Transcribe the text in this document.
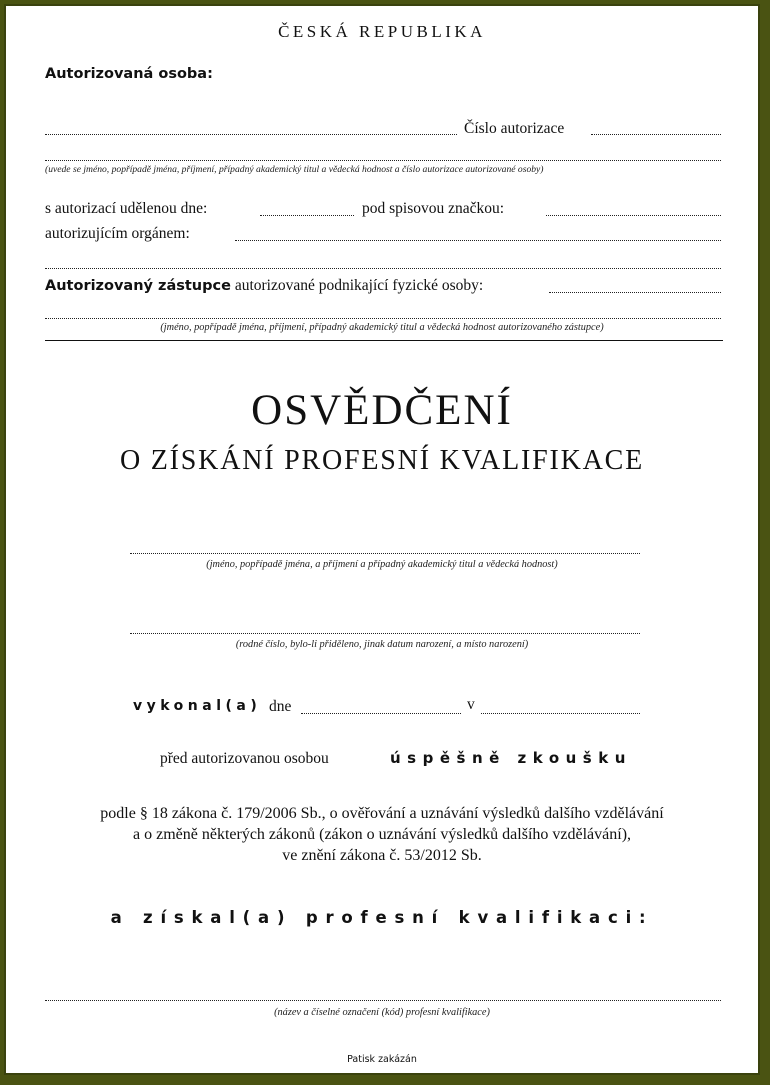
ČESKÁ REPUBLIKA
Autorizovaná osoba:
Číslo autorizace
(uvede se jméno, popřípadě jména, příjmení, případný akademický titul a vědecká hodnost a číslo autorizace autorizované osoby)
s autorizací udělenou dne:	pod spisovou značkou:
autorizujícím orgánem:
Autorizovaný zástupce autorizované podnikající fyzické osoby:
(jméno, popřípadě jména, příjmení, případný akademický titul a vědecká hodnost autorizovaného zástupce)
OSVĚDČENÍ
O ZÍSKÁNÍ PROFESNÍ KVALIFIKACE
(jméno, popřípadě jména, a příjmení a případný akademický titul a vědecká hodnost)
(rodné číslo, bylo-li přiděleno, jinak datum narození, a místo narození)
vykonal(a) dne	v
před autorizovanou osobou	úspěšně zkoušku
podle § 18 zákona č. 179/2006 Sb., o ověřování a uznávání výsledků dalšího vzdělávání
a o změně některých zákonů (zákon o uznávání výsledků dalšího vzdělávání),
ve znění zákona č. 53/2012 Sb.
a získal(a) profesní kvalifikaci:
(název a číselné označení (kód) profesní kvalifikace)
Patisk zakázán
